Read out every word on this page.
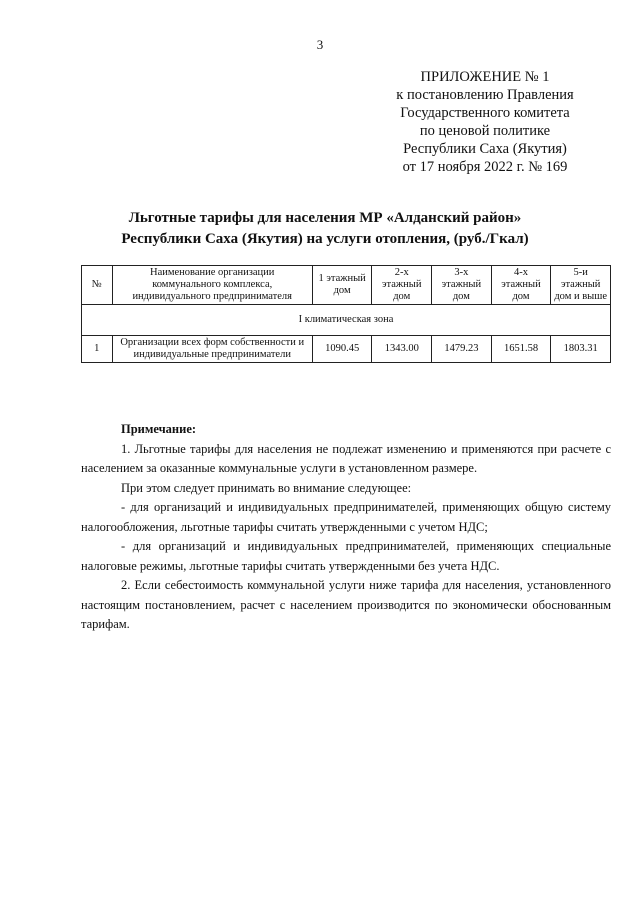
3
ПРИЛОЖЕНИЕ № 1
к постановлению Правления
Государственного комитета
по ценовой политике
Республики Саха (Якутия)
от 17 ноября 2022 г. № 169
Льготные тарифы для населения МР «Алданский район»
Республики Саха (Якутия) на услуги отопления, (руб./Гкал)
№	Наименование организации коммунального комплекса, индивидуального предпринимателя	1 этажный дом	2-х этажный дом	3-х этажный дом	4-х этажный дом	5-и этажный дом и выше
I климатическая зона						
1	Организации всех форм собственности и индивидуальные предприниматели	1090.45	1343.00	1479.23	1651.58	1803.31
Примечание:

1. Льготные тарифы для населения не подлежат изменению и применяются при расчете с населением за оказанные коммунальные услуги в установленном размере.

При этом следует принимать во внимание следующее:

- для организаций и индивидуальных предпринимателей, применяющих общую систему налогообложения, льготные тарифы считать утвержденными с учетом НДС;

- для организаций и индивидуальных предпринимателей, применяющих специальные налоговые режимы, льготные тарифы считать утвержденными без учета НДС.

2. Если себестоимость коммунальной услуги ниже тарифа для населения, установленного настоящим постановлением, расчет с населением производится по экономически обоснованным тарифам.
